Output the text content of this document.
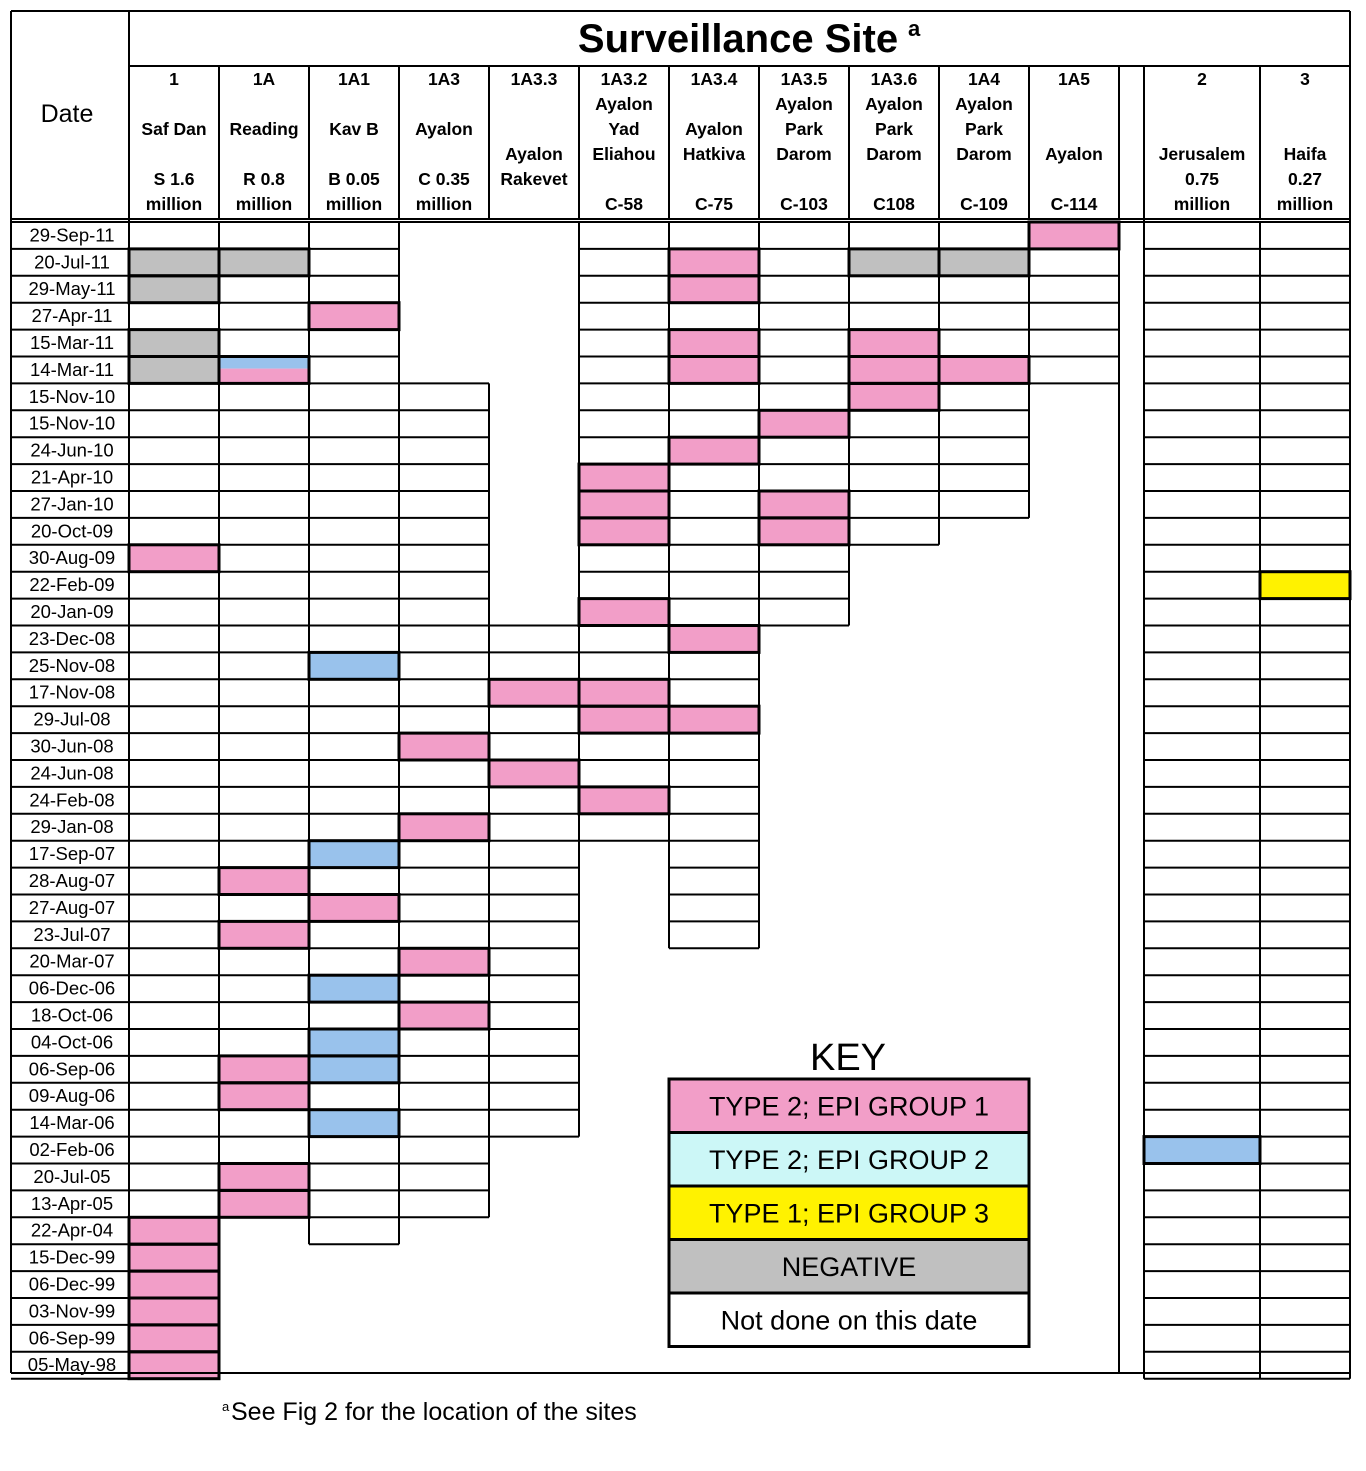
Surveillance Site a
Date
KEY
a See Fig 2 for the location of the sites
1
Saf Dan
S 1.6
million
1A
Reading
R 0.8
million
1A1
Kav B
B 0.05
million
1A3
Ayalon
C 0.35
million
1A3.3
Ayalon
Rakevet
1A3.2
Ayalon
Yad
Eliahou
C-58
1A3.4
Ayalon
Hatkiva
C-75
1A3.5
Ayalon
Park
Darom
C-103
1A3.6
Ayalon
Park
Darom
C108
1A4
Ayalon
Park
Darom
C-109
1A5
Ayalon
C-114
2
Jerusalem
0.75
million
3
Haifa
0.27
million
29-Sep-11
20-Jul-11
29-May-11
27-Apr-11
15-Mar-11
14-Mar-11
15-Nov-10
15-Nov-10
24-Jun-10
21-Apr-10
27-Jan-10
20-Oct-09
30-Aug-09
22-Feb-09
20-Jan-09
23-Dec-08
25-Nov-08
17-Nov-08
29-Jul-08
30-Jun-08
24-Jun-08
24-Feb-08
29-Jan-08
17-Sep-07
28-Aug-07
27-Aug-07
23-Jul-07
20-Mar-07
06-Dec-06
18-Oct-06
04-Oct-06
06-Sep-06
09-Aug-06
14-Mar-06
02-Feb-06
20-Jul-05
13-Apr-05
22-Apr-04
15-Dec-99
06-Dec-99
03-Nov-99
06-Sep-99
05-May-98
TYPE 2; EPI GROUP 1
TYPE 2; EPI GROUP 2
TYPE 1; EPI GROUP 3
NEGATIVE
Not done on this date
